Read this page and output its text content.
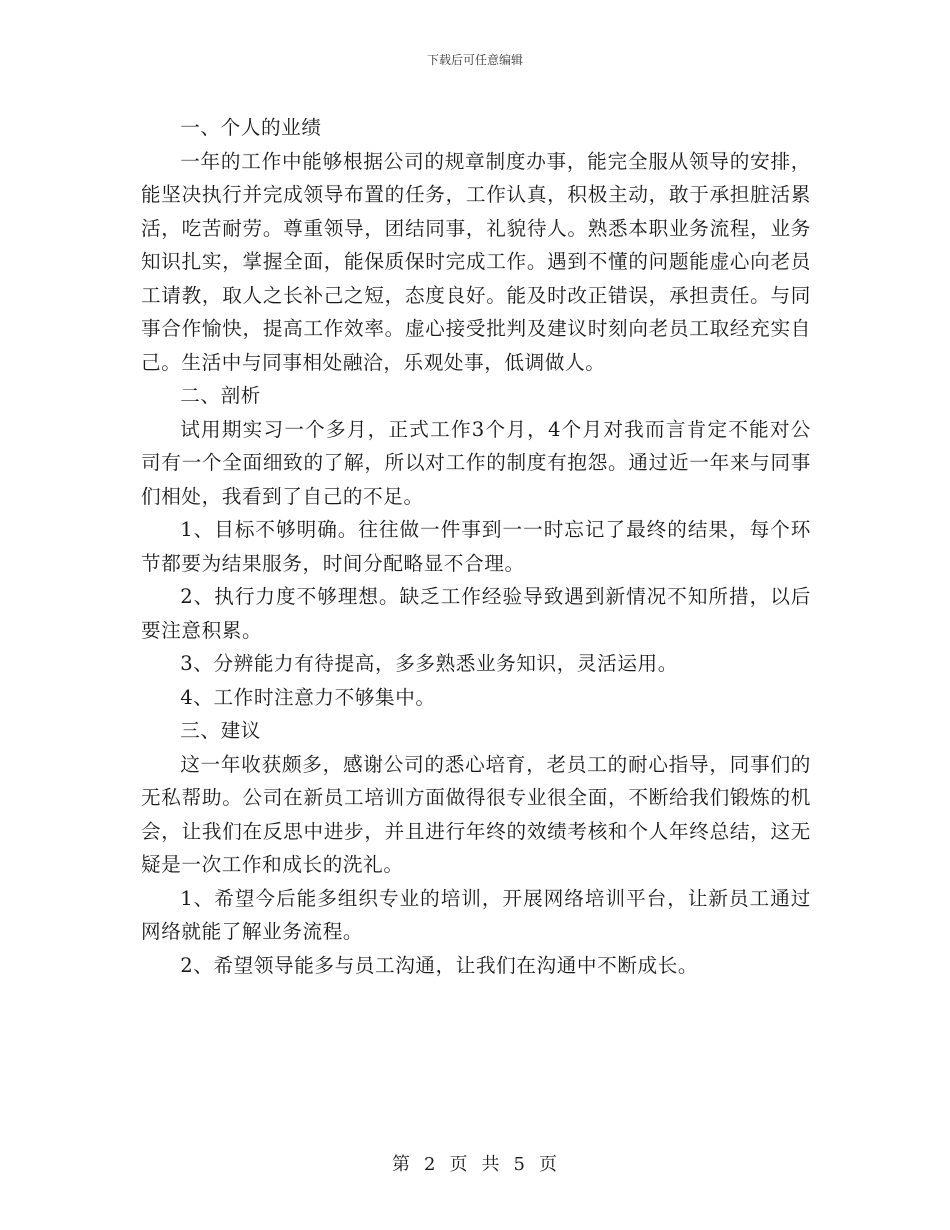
下载后可任意编辑

一、个人的业绩

一年的工作中能够根据公司的规章制度办事，能完全服从领导的安排，能坚决执行并完成领导布置的任务，工作认真，积极主动，敢于承担脏活累活，吃苦耐劳。尊重领导，团结同事，礼貌待人。熟悉本职业务流程，业务知识扎实，掌握全面，能保质保时完成工作。遇到不懂的问题能虚心向老员工请教，取人之长补己之短，态度良好。能及时改正错误，承担责任。与同事合作愉快，提高工作效率。虚心接受批判及建议时刻向老员工取经充实自己。生活中与同事相处融洽，乐观处事，低调做人。

二、剖析

试用期实习一个多月，正式工作3个月，4个月对我而言肯定不能对公司有一个全面细致的了解，所以对工作的制度有抱怨。通过近一年来与同事们相处，我看到了自己的不足。

1、目标不够明确。往往做一件事到一一时忘记了最终的结果，每个环节都要为结果服务，时间分配略显不合理。

2、执行力度不够理想。缺乏工作经验导致遇到新情况不知所措，以后要注意积累。

3、分辨能力有待提高，多多熟悉业务知识，灵活运用。

4、工作时注意力不够集中。

三、建议

这一年收获颇多，感谢公司的悉心培育，老员工的耐心指导，同事们的无私帮助。公司在新员工培训方面做得很专业很全面，不断给我们锻炼的机会，让我们在反思中进步，并且进行年终的效绩考核和个人年终总结，这无疑是一次工作和成长的洗礼。

1、希望今后能多组织专业的培训，开展网络培训平台，让新员工通过网络就能了解业务流程。

2、希望领导能多与员工沟通，让我们在沟通中不断成长。

第 2 页 共 5 页
